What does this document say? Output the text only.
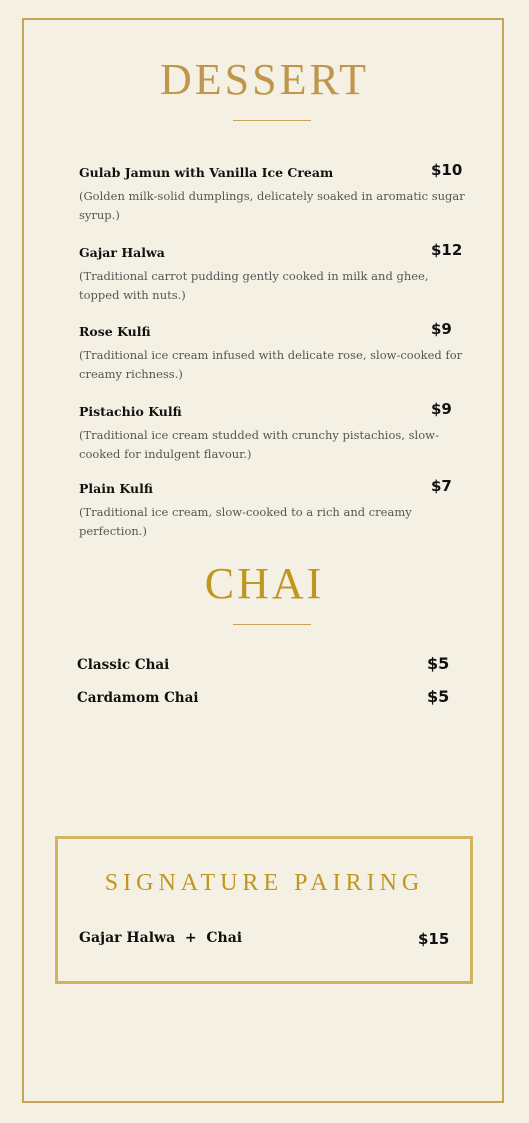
DESSERT
Gulab Jamun with Vanilla Ice Cream	$10
(Golden milk-solid dumplings, delicately soaked in aromatic sugar syrup.)
Gajar Halwa	$12
(Traditional carrot pudding gently cooked in milk and ghee, topped with nuts.)
Rose Kulfi	$9
(Traditional ice cream infused with delicate rose, slow-cooked for creamy richness.)
Pistachio Kulfi	$9
(Traditional ice cream studded with crunchy pistachios, slow-cooked for indulgent flavour.)
Plain Kulfi	$7
(Traditional ice cream, slow-cooked to a rich and creamy perfection.)
CHAI
Classic Chai	$5
Cardamom Chai	$5
SIGNATURE PAIRING
Gajar Halwa  +  Chai	$15
